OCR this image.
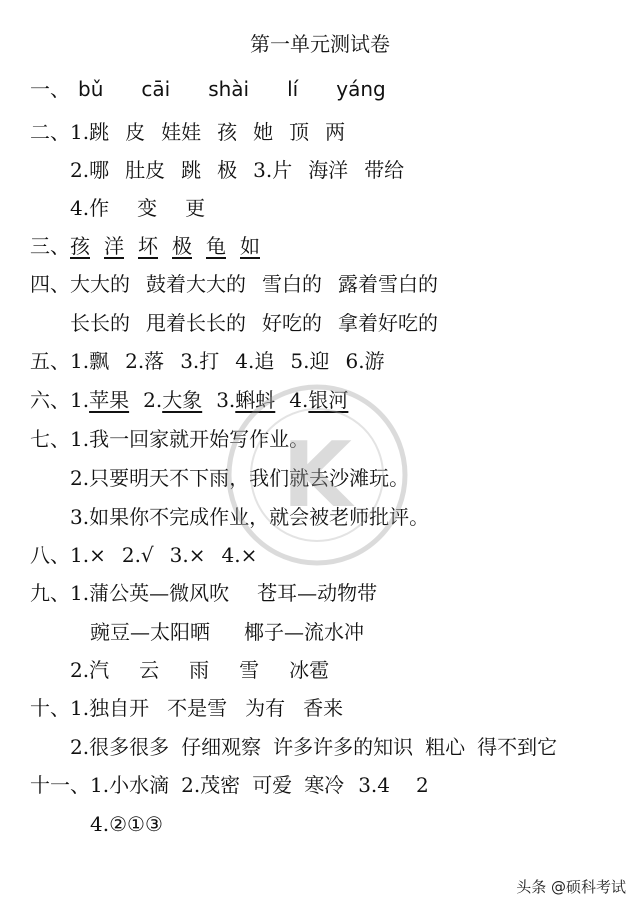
第一单元测试卷
一、 bǔ cāi shài lí yáng
二、1.跳 皮 娃娃 孩 她 顶 两
2.哪 肚皮 跳 极 3.片 海洋 带给
4.作 变 更
三、孩 洋 坏 极 龟 如
四、大大的 鼓着大大的 雪白的 露着雪白的
长长的 甩着长长的 好吃的 拿着好吃的
五、1.飘 2.落 3.打 4.追 5.迎 6.游
六、1.苹果 2.大象 3.蝌蚪 4.银河
七、1.我一回家就开始写作业。
2.只要明天不下雨，我们就去沙滩玩。
3.如果你不完成作业，就会被老师批评。
八、1.× 2.√ 3.× 4.×
九、1.蒲公英—微风吹 苍耳—动物带
豌豆—太阳晒 椰子—流水冲
2.汽 云 雨 雪 冰雹
十、1.独自开 不是雪 为有 香来
2.很多很多 仔细观察 许多许多的知识 粗心 得不到它
十一、1.小水滴 2.茂密 可爱 寒冷 3.4 2
4.②①③
K
头条 @硕科考试
